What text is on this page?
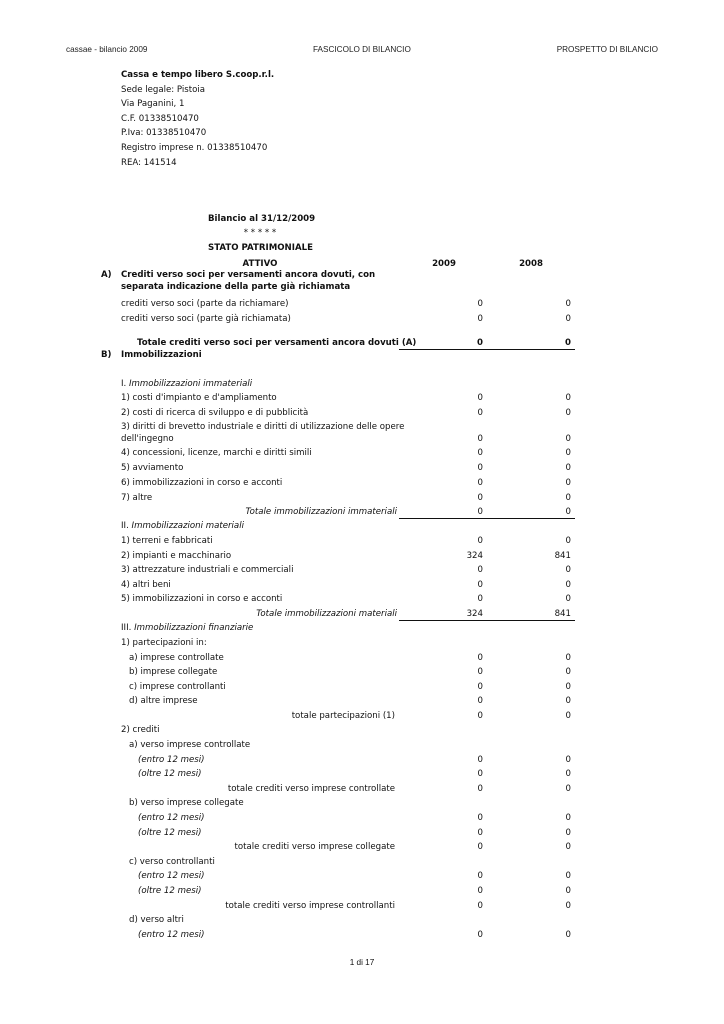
cassae - bilancio 2009	FASCICOLO DI BILANCIO	PROSPETTO DI BILANCIO
Cassa e tempo libero S.coop.r.l.
Sede legale: Pistoia
Via Paganini, 1
C.F. 01338510470
P.Iva: 01338510470
Registro imprese n. 01338510470
REA: 141514
Bilancio al 31/12/2009
* * * * *
STATO PATRIMONIALE
ATTIVO	2009	2008
A) Crediti verso soci per versamenti ancora dovuti, con
separata indicazione della parte già richiamata
crediti verso soci (parte da richiamare)	0	0
crediti verso soci (parte già richiamata)	0	0
Totale crediti verso soci per versamenti ancora dovuti (A)	0	0
B) Immobilizzazioni
I. Immobilizzazioni immateriali
1) costi d'impianto e d'ampliamento	0	0
2) costi di ricerca di sviluppo e di pubblicità	0	0
3) diritti di brevetto industriale e diritti di utilizzazione delle opere
dell'ingegno	0	0
4) concessioni, licenze, marchi e diritti simili	0	0
5) avviamento	0	0
6) immobilizzazioni in corso e acconti	0	0
7) altre	0	0
Totale immobilizzazioni immateriali	0	0
II. Immobilizzazioni materiali
1) terreni e fabbricati	0	0
2) impianti e macchinario	324	841
3) attrezzature industriali e commerciali	0	0
4) altri beni	0	0
5) immobilizzazioni in corso e acconti	0	0
Totale immobilizzazioni materiali	324	841
III. Immobilizzazioni finanziarie
1) partecipazioni in:
a) imprese controllate	0	0
b) imprese collegate	0	0
c) imprese controllanti	0	0
d) altre imprese	0	0
totale partecipazioni (1)	0	0
2) crediti
a) verso imprese controllate
(entro 12 mesi)	0	0
(oltre 12 mesi)	0	0
totale crediti verso imprese controllate	0	0
b) verso imprese collegate
(entro 12 mesi)	0	0
(oltre 12 mesi)	0	0
totale crediti verso imprese collegate	0	0
c) verso controllanti
(entro 12 mesi)	0	0
(oltre 12 mesi)	0	0
totale crediti verso imprese controllanti	0	0
d) verso altri
(entro 12 mesi)	0	0
1 di 17
